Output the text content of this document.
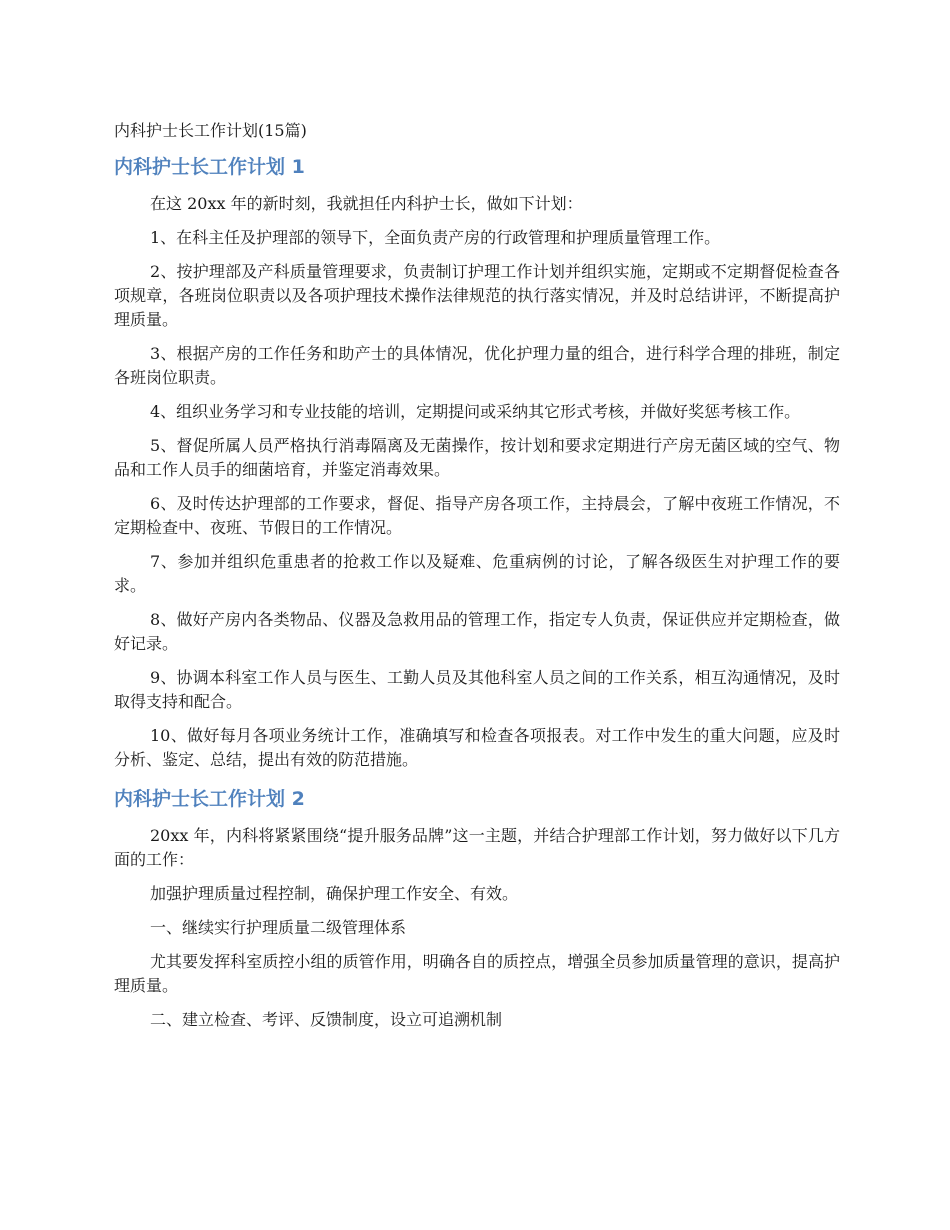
内科护士长工作计划(15篇)
内科护士长工作计划 1

在这 20xx 年的新时刻，我就担任内科护士长，做如下计划：

1、在科主任及护理部的领导下，全面负责产房的行政管理和护理质量管理工作。

2、按护理部及产科质量管理要求，负责制订护理工作计划并组织实施，定期或不定期督促检查各项规章，各班岗位职责以及各项护理技术操作法律规范的执行落实情况，并及时总结讲评，不断提高护理质量。

3、根据产房的工作任务和助产士的具体情况，优化护理力量的组合，进行科学合理的排班，制定各班岗位职责。

4、组织业务学习和专业技能的培训，定期提问或采纳其它形式考核，并做好奖惩考核工作。

5、督促所属人员严格执行消毒隔离及无菌操作，按计划和要求定期进行产房无菌区域的空气、物品和工作人员手的细菌培育，并鉴定消毒效果。

6、及时传达护理部的工作要求，督促、指导产房各项工作，主持晨会，了解中夜班工作情况，不定期检查中、夜班、节假日的工作情况。

7、参加并组织危重患者的抢救工作以及疑难、危重病例的讨论，了解各级医生对护理工作的要求。

8、做好产房内各类物品、仪器及急救用品的管理工作，指定专人负责，保证供应并定期检查，做好记录。

9、协调本科室工作人员与医生、工勤人员及其他科室人员之间的工作关系，相互沟通情况，及时取得支持和配合。

10、做好每月各项业务统计工作，准确填写和检查各项报表。对工作中发生的重大问题，应及时分析、鉴定、总结，提出有效的防范措施。

内科护士长工作计划 2

20xx 年，内科将紧紧围绕“提升服务品牌”这一主题，并结合护理部工作计划，努力做好以下几方面的工作：

加强护理质量过程控制，确保护理工作安全、有效。

一、继续实行护理质量二级管理体系

尤其要发挥科室质控小组的质管作用，明确各自的质控点，增强全员参加质量管理的意识，提高护理质量。

二、建立检查、考评、反馈制度，设立可追溯机制
